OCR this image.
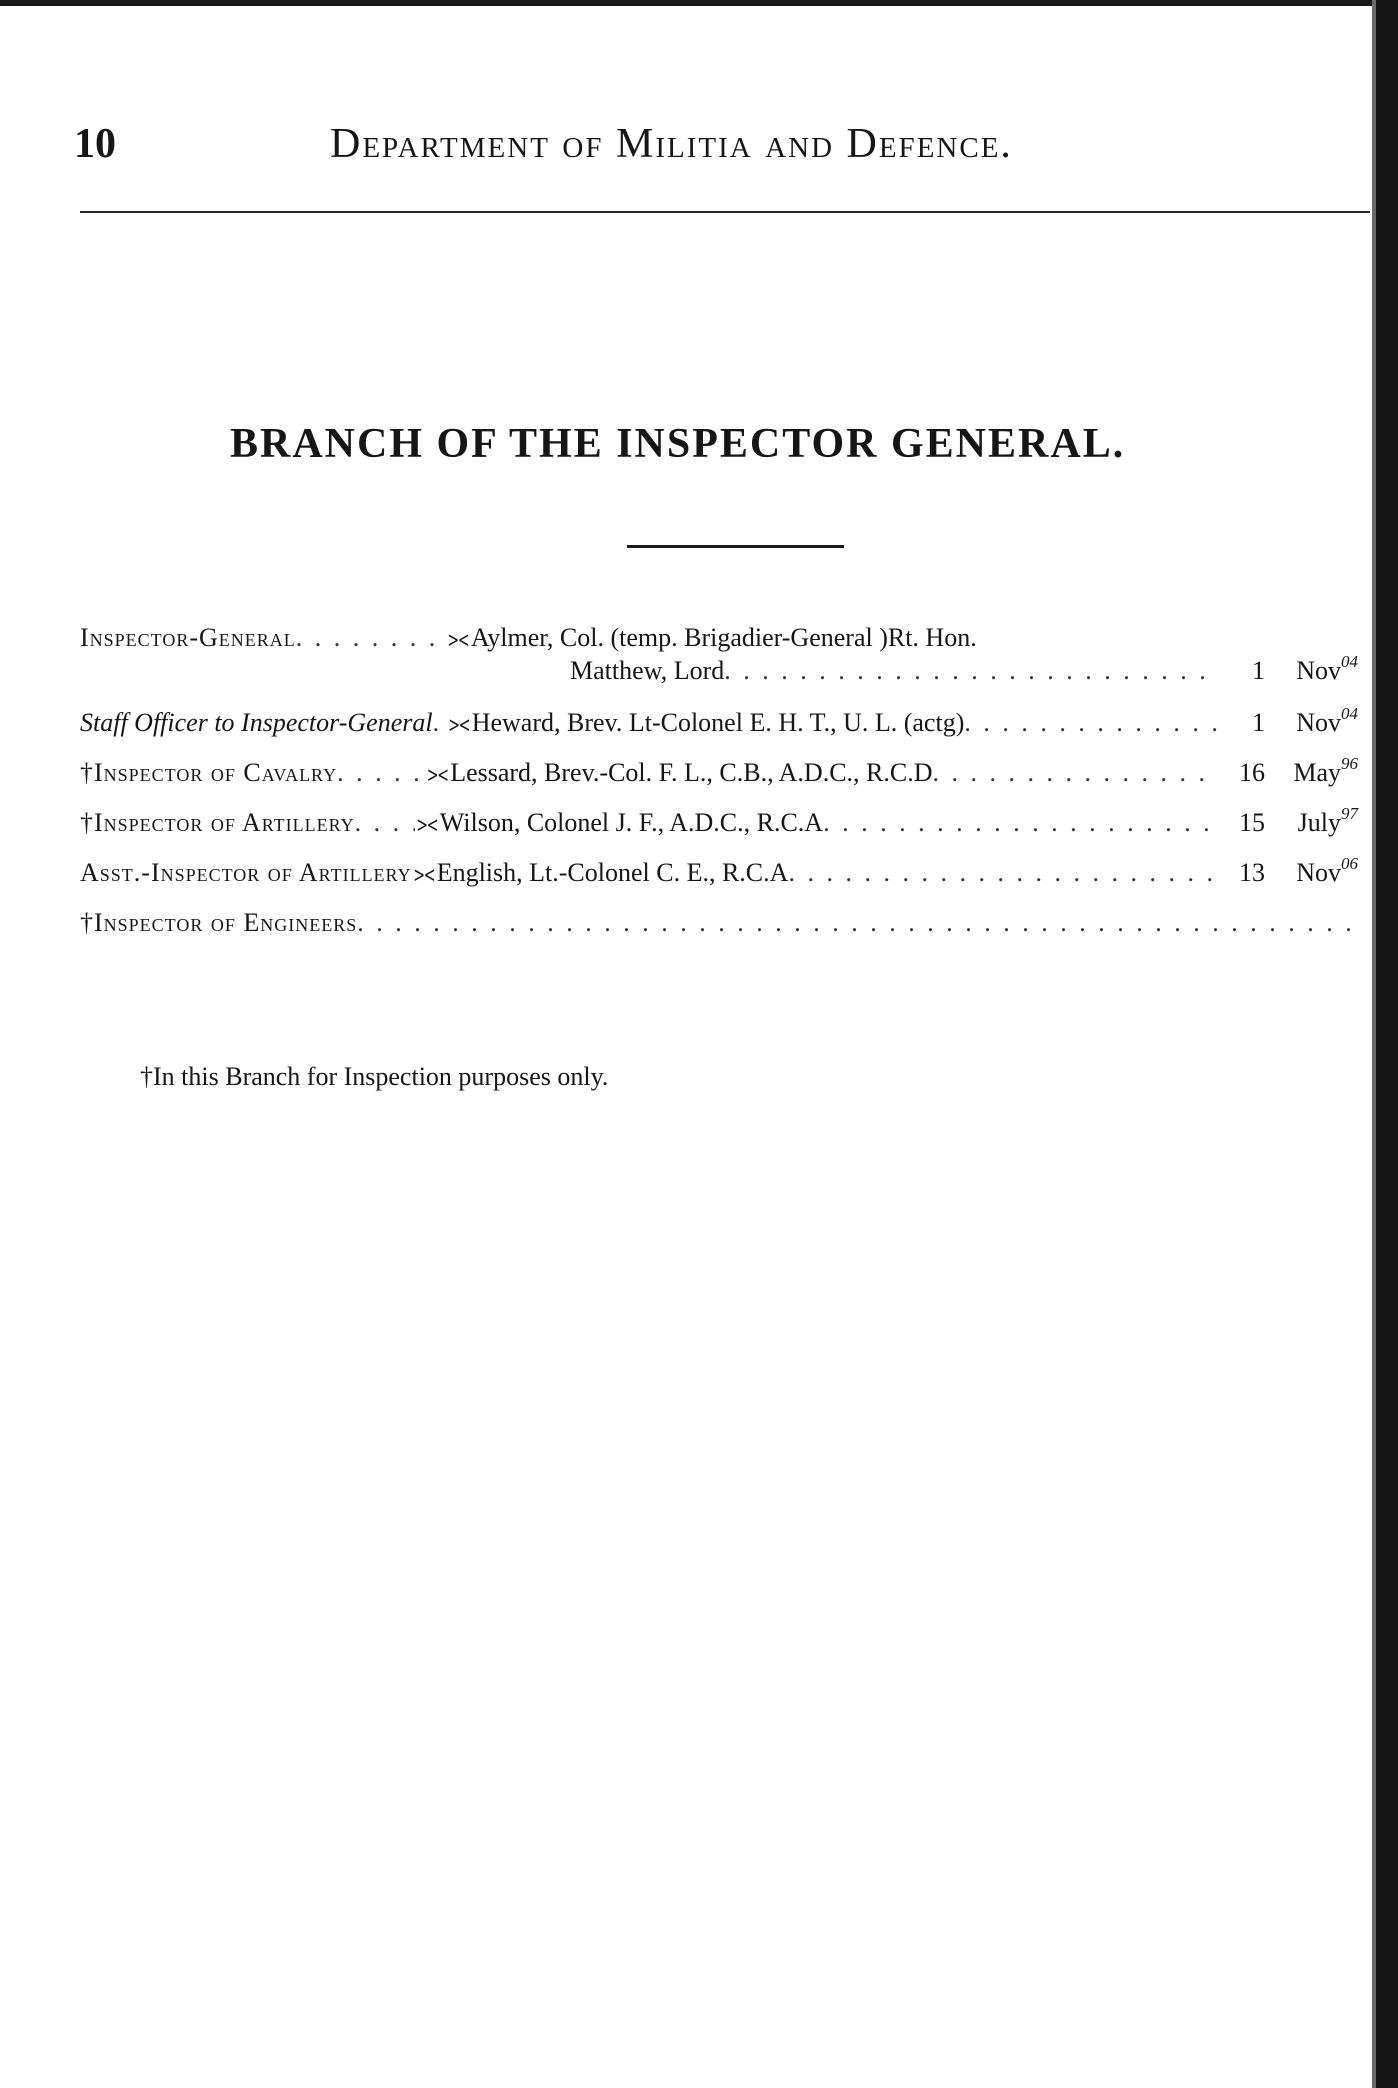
10	Department of Militia and Defence.
BRANCH OF THE INSPECTOR GENERAL.
Inspector-General . . .	⪥ Aylmer, Col. (temp. Brigadier-General )Rt. Hon.
Matthew, Lord . . .	1	Nov 04
Staff Officer to Inspector-General . . . ⪥ Heward, Brev. Lt-Colonel E. H. T., U. L. (actg) . . .	1	Nov 04
†Inspector of Cavalry . . .	⪥ Lessard, Brev.-Col. F. L., C.B., A.D.C., R.C.D . . .	16	May 96
†Inspector of Artillery . . .	⪥ Wilson, Colonel J. F., A.D.C., R.C.A . . .	15	July 97
Asst.-Inspector of Artillery ⪥ English, Lt.-Colonel C. E., R.C.A . . .	13	Nov 06
†Inspector of Engineers
. . .
†In this Branch for Inspection purposes only.
